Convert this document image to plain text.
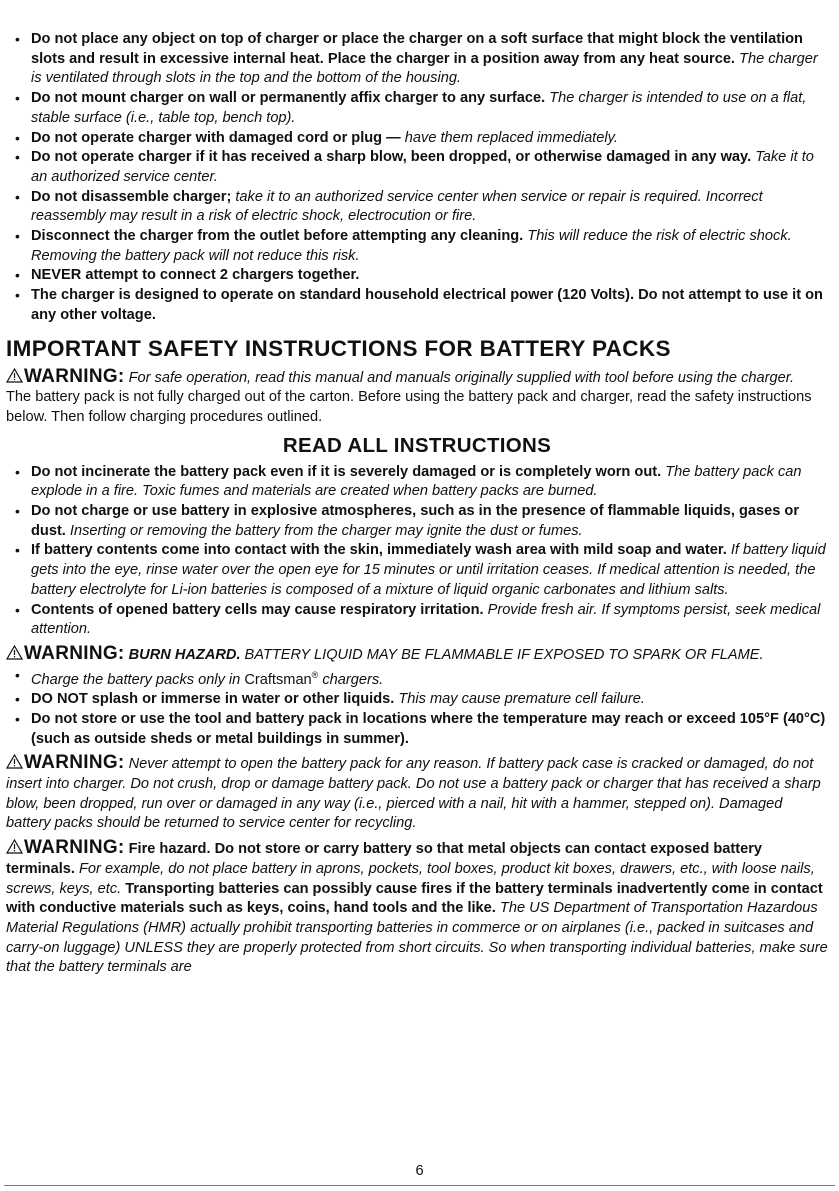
• Do not place any object on top of charger or place the charger on a soft surface that might block the ventilation slots and result in excessive internal heat. Place the charger in a position away from any heat source. The charger is ventilated through slots in the top and the bottom of the housing.
• Do not mount charger on wall or permanently affix charger to any surface. The charger is intended to use on a flat, stable surface (i.e., table top, bench top).
• Do not operate charger with damaged cord or plug — have them replaced immediately.
• Do not operate charger if it has received a sharp blow, been dropped, or otherwise damaged in any way. Take it to an authorized service center.
• Do not disassemble charger; take it to an authorized service center when service or repair is required. Incorrect reassembly may result in a risk of electric shock, electrocution or fire.
• Disconnect the charger from the outlet before attempting any cleaning. This will reduce the risk of electric shock. Removing the battery pack will not reduce this risk.
• NEVER attempt to connect 2 chargers together.
• The charger is designed to operate on standard household electrical power (120 Volts). Do not attempt to use it on any other voltage.
IMPORTANT SAFETY INSTRUCTIONS FOR BATTERY PACKS

WARNING: For safe operation, read this manual and manuals originally supplied with tool before using the charger.

The battery pack is not fully charged out of the carton. Before using the battery pack and charger, read the safety instructions below. Then follow charging procedures outlined.

READ ALL INSTRUCTIONS
• Do not incinerate the battery pack even if it is severely damaged or is completely worn out. The battery pack can explode in a fire. Toxic fumes and materials are created when battery packs are burned.
• Do not charge or use battery in explosive atmospheres, such as in the presence of flammable liquids, gases or dust. Inserting or removing the battery from the charger may ignite the dust or fumes.
• If battery contents come into contact with the skin, immediately wash area with mild soap and water. If battery liquid gets into the eye, rinse water over the open eye for 15 minutes or until irritation ceases. If medical attention is needed, the battery electrolyte for Li-ion batteries is composed of a mixture of liquid organic carbonates and lithium salts.
• Contents of opened battery cells may cause respiratory irritation. Provide fresh air. If symptoms persist, seek medical attention.

WARNING: BURN HAZARD. BATTERY LIQUID MAY BE FLAMMABLE IF EXPOSED TO SPARK OR FLAME.

• Charge the battery packs only in Craftsman® chargers.
• DO NOT splash or immerse in water or other liquids. This may cause premature cell failure.
• Do not store or use the tool and battery pack in locations where the temperature may reach or exceed 105°F (40°C) (such as outside sheds or metal buildings in summer).

WARNING: Never attempt to open the battery pack for any reason. If battery pack case is cracked or damaged, do not insert into charger. Do not crush, drop or damage battery pack. Do not use a battery pack or charger that has received a sharp blow, been dropped, run over or damaged in any way (i.e., pierced with a nail, hit with a hammer, stepped on). Damaged battery packs should be returned to service center for recycling.

WARNING: Fire hazard. Do not store or carry battery so that metal objects can contact exposed battery terminals. For example, do not place battery in aprons, pockets, tool boxes, product kit boxes, drawers, etc., with loose nails, screws, keys, etc. Transporting batteries can possibly cause fires if the battery terminals inadvertently come in contact with conductive materials such as keys, coins, hand tools and the like. The US Department of Transportation Hazardous Material Regulations (HMR) actually prohibit transporting batteries in commerce or on airplanes (i.e., packed in suitcases and carry-on luggage) UNLESS they are properly protected from short circuits. So when transporting individual batteries, make sure that the battery terminals are

6
